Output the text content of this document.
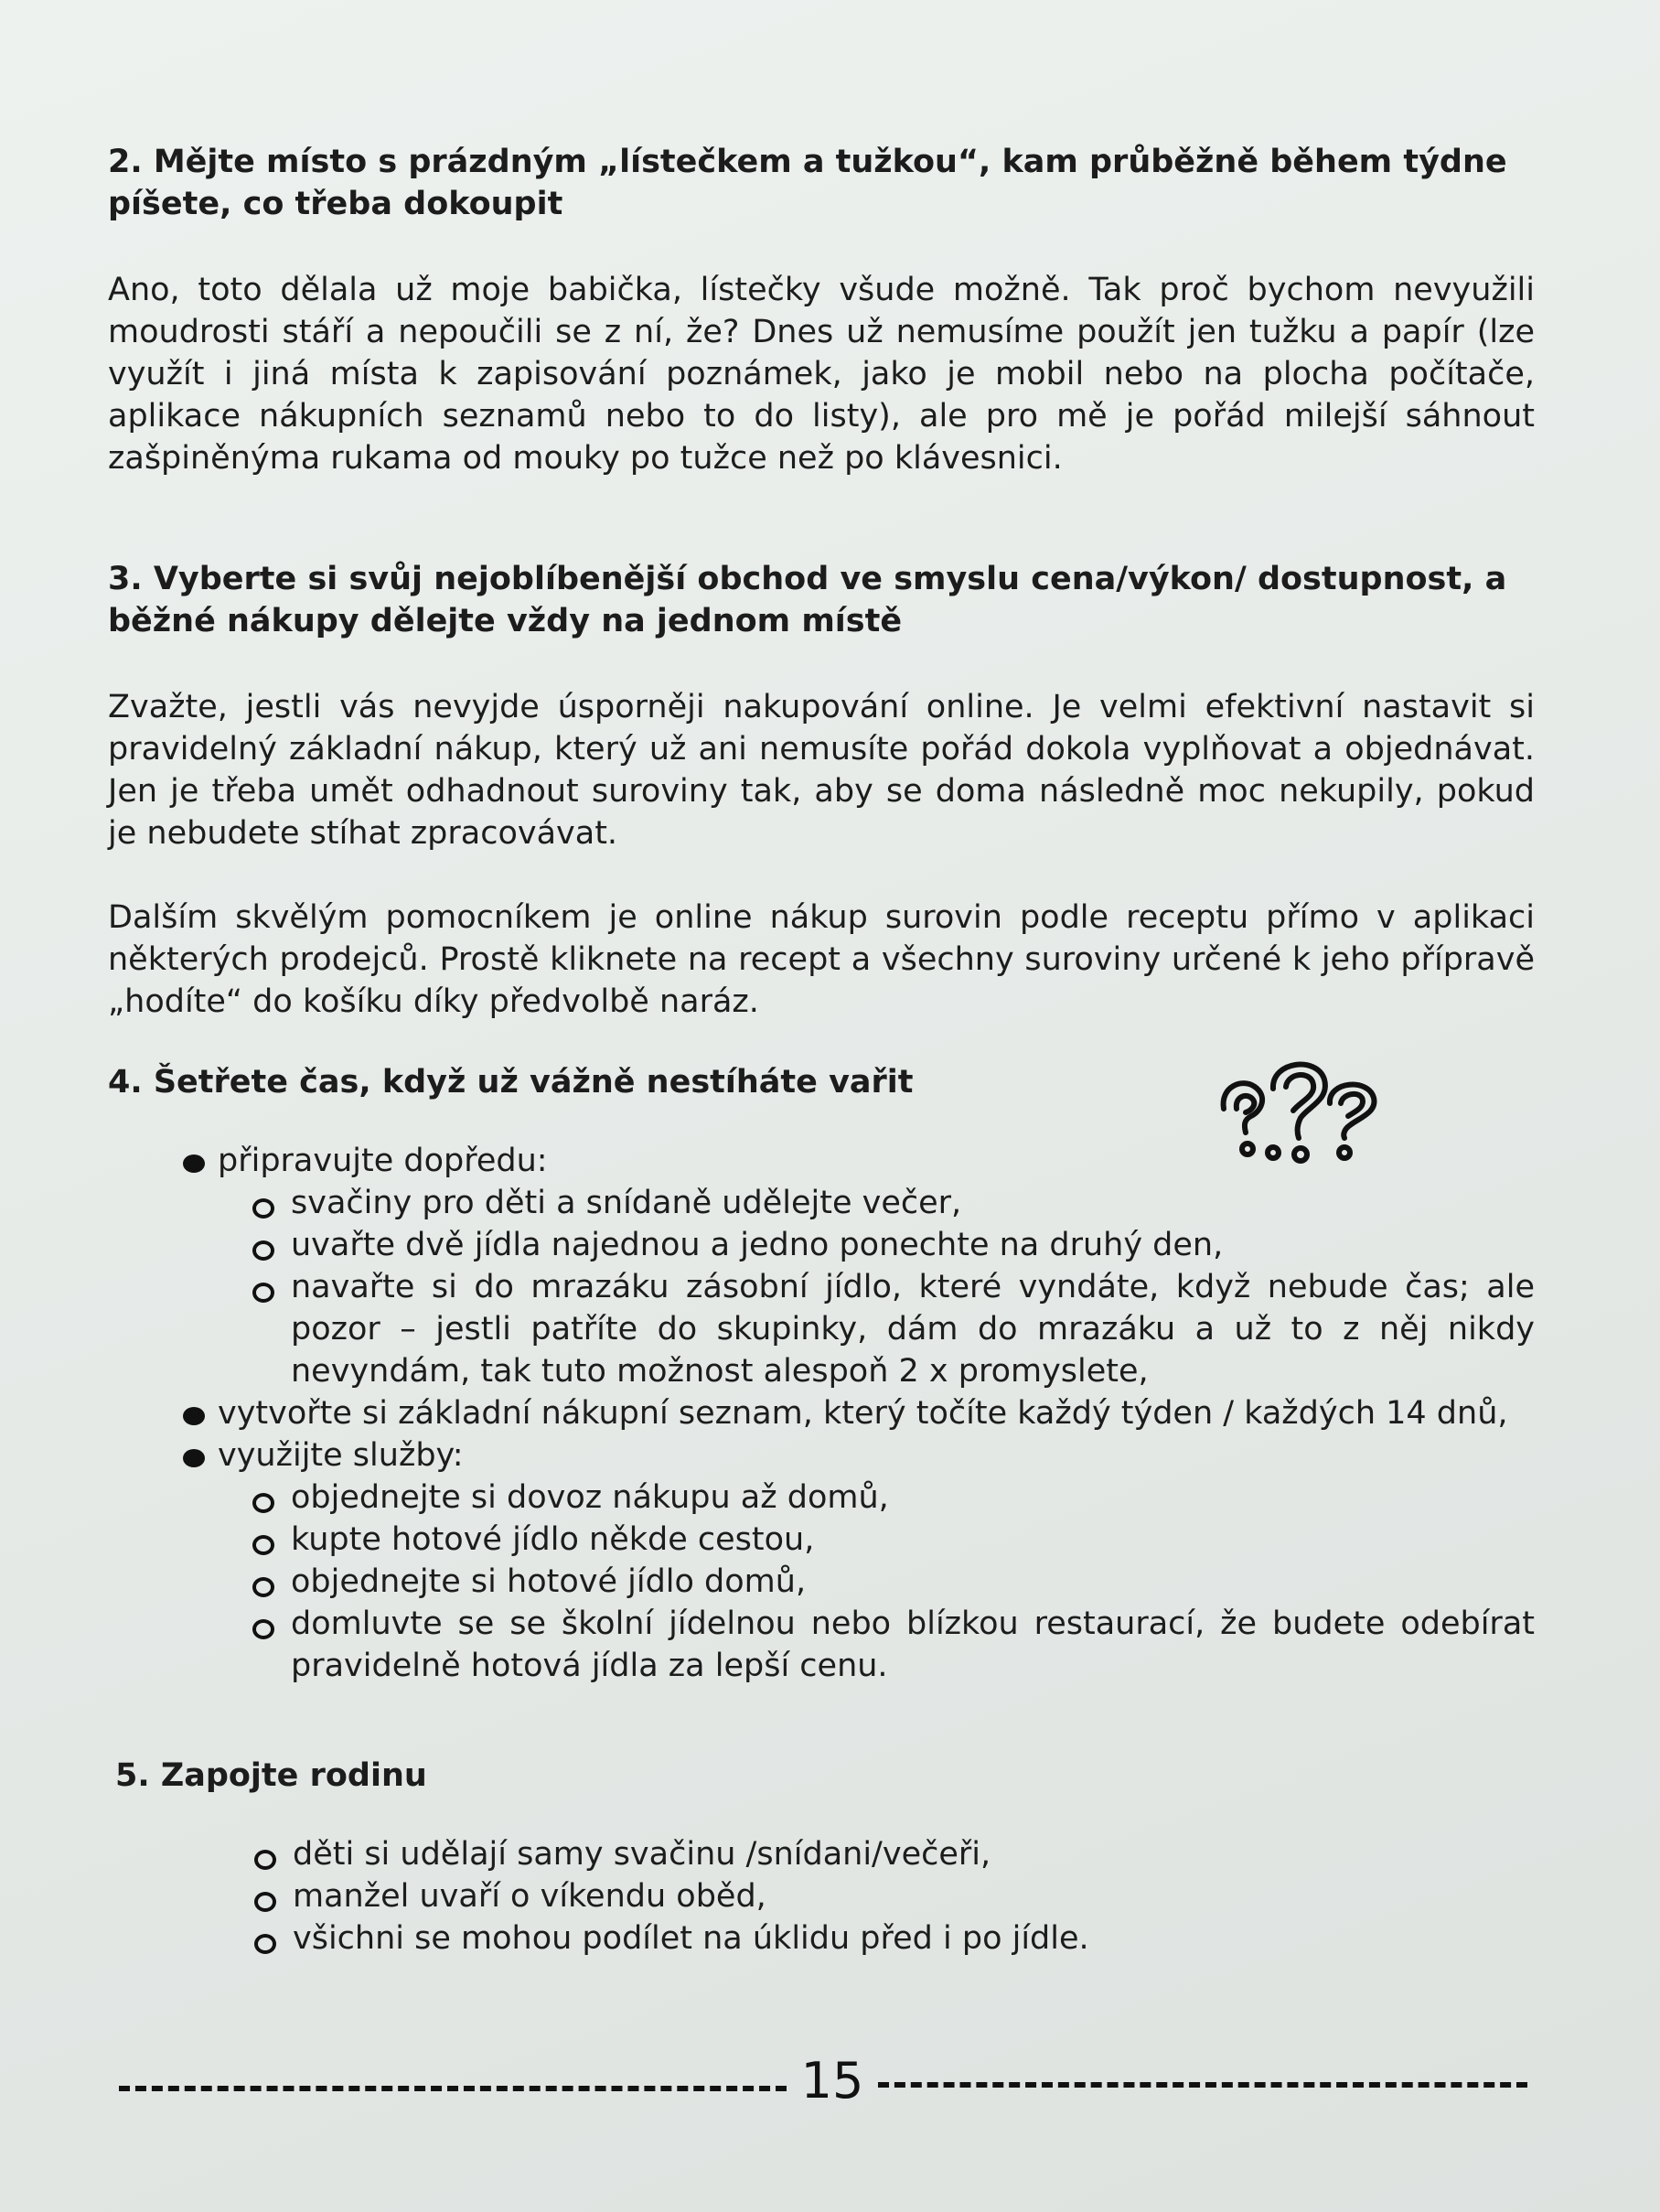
2. Mějte místo s prázdným „lístečkem a tužkou“, kam průběžně během týdne píšete, co třeba dokoupit

Ano, toto dělala už moje babička, lístečky všude možně. Tak proč bychom nevyužili moudrosti stáří a nepoučili se z ní, že? Dnes už nemusíme použít jen tužku a papír (lze využít i jiná místa k zapisování poznámek, jako je mobil nebo na plocha počítače, aplikace nákupních seznamů nebo to do listy), ale pro mě je pořád milejší sáhnout zašpiněnýma rukama od mouky po tužce než po klávesnici.

3. Vyberte si svůj nejoblíbenější obchod ve smyslu cena/výkon/ dostupnost, a běžné nákupy dělejte vždy na jednom místě

Zvažte, jestli vás nevyjde úsporněji nakupování online. Je velmi efektivní nastavit si pravidelný základní nákup, který už ani nemusíte pořád dokola vyplňovat a objednávat. Jen je třeba umět odhadnout suroviny tak, aby se doma následně moc nekupily, pokud je nebudete stíhat zpracovávat.

Dalším skvělým pomocníkem je online nákup surovin podle receptu přímo v aplikaci některých prodejců. Prostě kliknete na recept a všechny suroviny určené k jeho přípravě „hodíte“ do košíku díky předvolbě naráz.

4. Šetřete čas, když už vážně nestíháte vařit
připravujte dopředu:
svačiny pro děti a snídaně udělejte večer,
uvařte dvě jídla najednou a jedno ponechte na druhý den,
navařte si do mrazáku zásobní jídlo, které vyndáte, když nebude čas; ale pozor – jestli patříte do skupinky, dám do mrazáku a už to z něj nikdy nevyndám, tak tuto možnost alespoň 2 x promyslete,
vytvořte si základní nákupní seznam, který točíte každý týden / každých 14 dnů,
využijte služby:
objednejte si dovoz nákupu až domů,
kupte hotové jídlo někde cestou,
objednejte si hotové jídlo domů,
domluvte se se školní jídelnou nebo blízkou restaurací, že budete odebírat pravidelně hotová jídla za lepší cenu.
5. Zapojte rodinu
děti si udělají samy svačinu /snídani/večeři,
manžel uvaří o víkendu oběd,
všichni se mohou podílet na úklidu před i po jídle.
15
